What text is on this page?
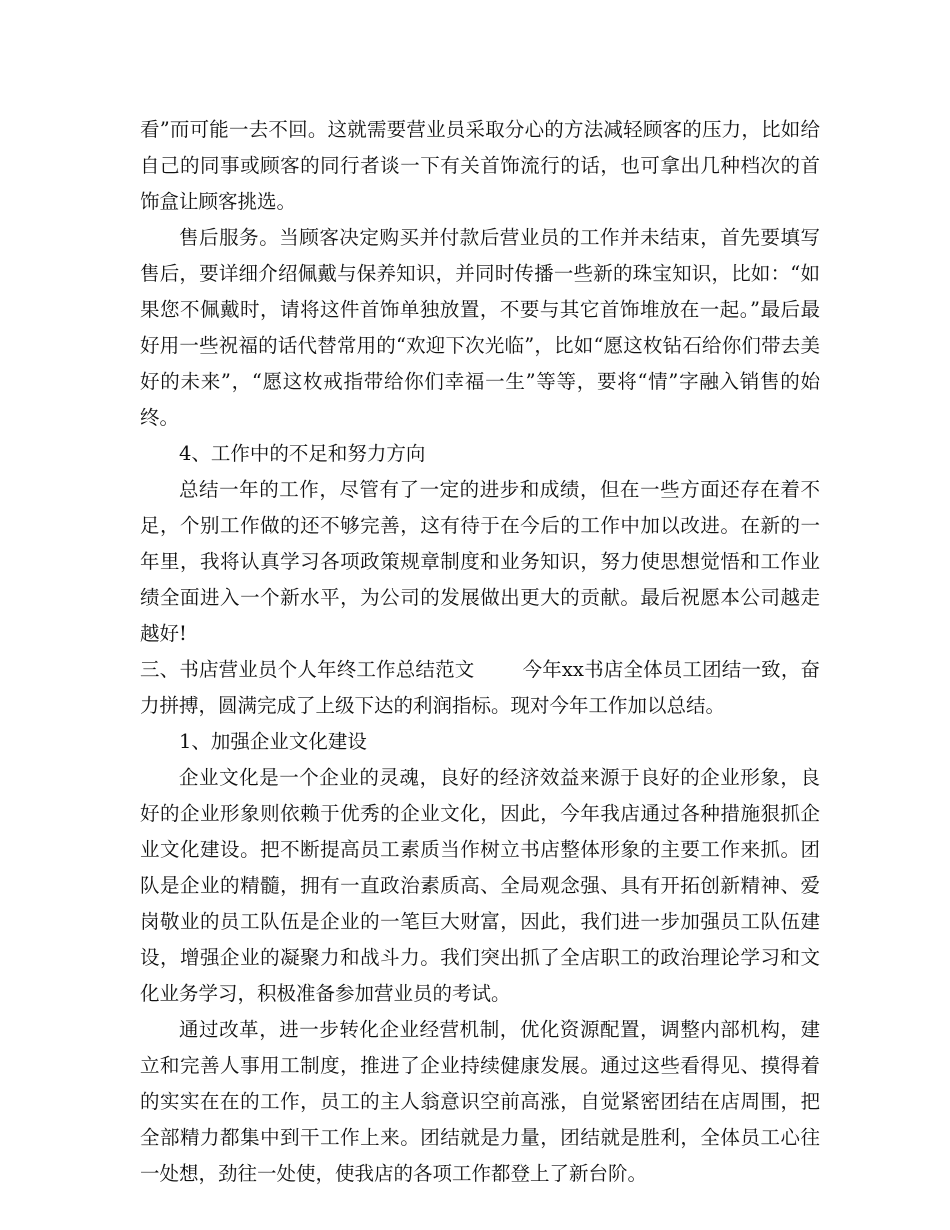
看”而可能一去不回。这就需要营业员采取分心的方法减轻顾客的压力，比如给自己的同事或顾客的同行者谈一下有关首饰流行的话，也可拿出几种档次的首饰盒让顾客挑选。

售后服务。当顾客决定购买并付款后营业员的工作并未结束，首先要填写售后，要详细介绍佩戴与保养知识，并同时传播一些新的珠宝知识，比如：“如果您不佩戴时，请将这件首饰单独放置，不要与其它首饰堆放在一起。”最后最好用一些祝福的话代替常用的“欢迎下次光临”，比如“愿这枚钻石给你们带去美好的未来”，“愿这枚戒指带给你们幸福一生”等等，要将“情”字融入销售的始终。

4、工作中的不足和努力方向

总结一年的工作，尽管有了一定的进步和成绩，但在一些方面还存在着不足，个别工作做的还不够完善，这有待于在今后的工作中加以改进。在新的一年里，我将认真学习各项政策规章制度和业务知识，努力使思想觉悟和工作业绩全面进入一个新水平，为公司的发展做出更大的贡献。最后祝愿本公司越走越好!

三、书店营业员个人年终工作总结范文 今年xx书店全体员工团结一致，奋力拼搏，圆满完成了上级下达的利润指标。现对今年工作加以总结。

1、加强企业文化建设

企业文化是一个企业的灵魂，良好的经济效益来源于良好的企业形象，良好的企业形象则依赖于优秀的企业文化，因此，今年我店通过各种措施狠抓企业文化建设。把不断提高员工素质当作树立书店整体形象的主要工作来抓。团队是企业的精髓，拥有一直政治素质高、全局观念强、具有开拓创新精神、爱岗敬业的员工队伍是企业的一笔巨大财富，因此，我们进一步加强员工队伍建设，增强企业的凝聚力和战斗力。我们突出抓了全店职工的政治理论学习和文化业务学习，积极准备参加营业员的考试。

通过改革，进一步转化企业经营机制，优化资源配置，调整内部机构，建立和完善人事用工制度，推进了企业持续健康发展。通过这些看得见、摸得着的实实在在的工作，员工的主人翁意识空前高涨，自觉紧密团结在店周围，把全部精力都集中到干工作上来。团结就是力量，团结就是胜利，全体员工心往一处想，劲往一处使，使我店的各项工作都登上了新台阶。
